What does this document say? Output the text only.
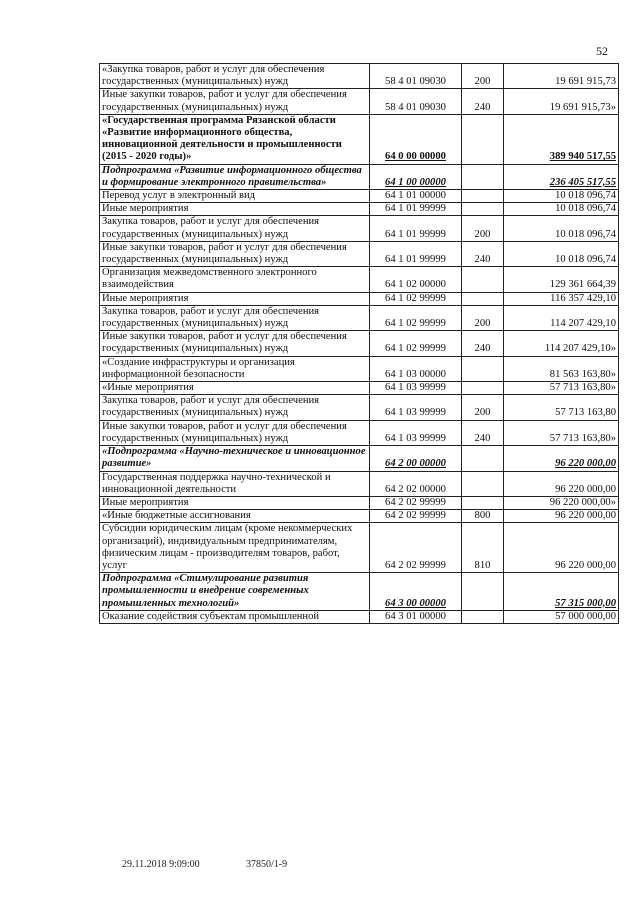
52
«Закупка товаров, работ и услуг для обеспечения государственных (муниципальных) нужд	58 4 01 09030	200	19 691 915,73
Иные закупки товаров, работ и услуг для обеспечения государственных (муниципальных) нужд	58 4 01 09030	240	19 691 915,73»
«Государственная программа Рязанской области «Развитие информационного общества, инновационной деятельности и промышленности (2015 - 2020 годы)»	64 0 00 00000		389 940 517,55
Подпрограмма «Развитие информационного общества и формирование электронного правительства»	64 1 00 00000		236 405 517,55
Перевод услуг в электронный вид	64 1 01 00000		10 018 096,74
Иные мероприятия	64 1 01 99999		10 018 096,74
Закупка товаров, работ и услуг для обеспечения государственных (муниципальных) нужд	64 1 01 99999	200	10 018 096,74
Иные закупки товаров, работ и услуг для обеспечения государственных (муниципальных) нужд	64 1 01 99999	240	10 018 096,74
Организация межведомственного электронного взаимодействия	64 1 02 00000		129 361 664,39
Иные мероприятия	64 1 02 99999		116 357 429,10
Закупка товаров, работ и услуг для обеспечения государственных (муниципальных) нужд	64 1 02 99999	200	114 207 429,10
Иные закупки товаров, работ и услуг для обеспечения государственных (муниципальных) нужд	64 1 02 99999	240	114 207 429,10»
«Создание инфраструктуры и организация информационной безопасности	64 1 03 00000		81 563 163,80»
«Иные мероприятия	64 1 03 99999		57 713 163,80»
Закупка товаров, работ и услуг для обеспечения государственных (муниципальных) нужд	64 1 03 99999	200	57 713 163,80
Иные закупки товаров, работ и услуг для обеспечения государственных (муниципальных) нужд	64 1 03 99999	240	57 713 163,80»
«Подпрограмма «Научно-техническое и инновационное развитие»	64 2 00 00000		96 220 000,00
Государственная поддержка научно-технической и инновационной деятельности	64 2 02 00000		96 220 000,00
Иные мероприятия	64 2 02 99999		96 220 000,00»
«Иные бюджетные ассигнования	64 2 02 99999	800	96 220 000,00
Субсидии юридическим лицам (кроме некоммерческих организаций), индивидуальным предпринимателям, физическим лицам - производителям товаров, работ, услуг	64 2 02 99999	810	96 220 000,00
Подпрограмма «Стимулирование развития промышленности и внедрение современных промышленных технологий»	64 3 00 00000		57 315 000,00
Оказание содействия субъектам промышленной	64 3 01 00000		57 000 000,00
29.11.2018 9:09:00	37850/1-9
